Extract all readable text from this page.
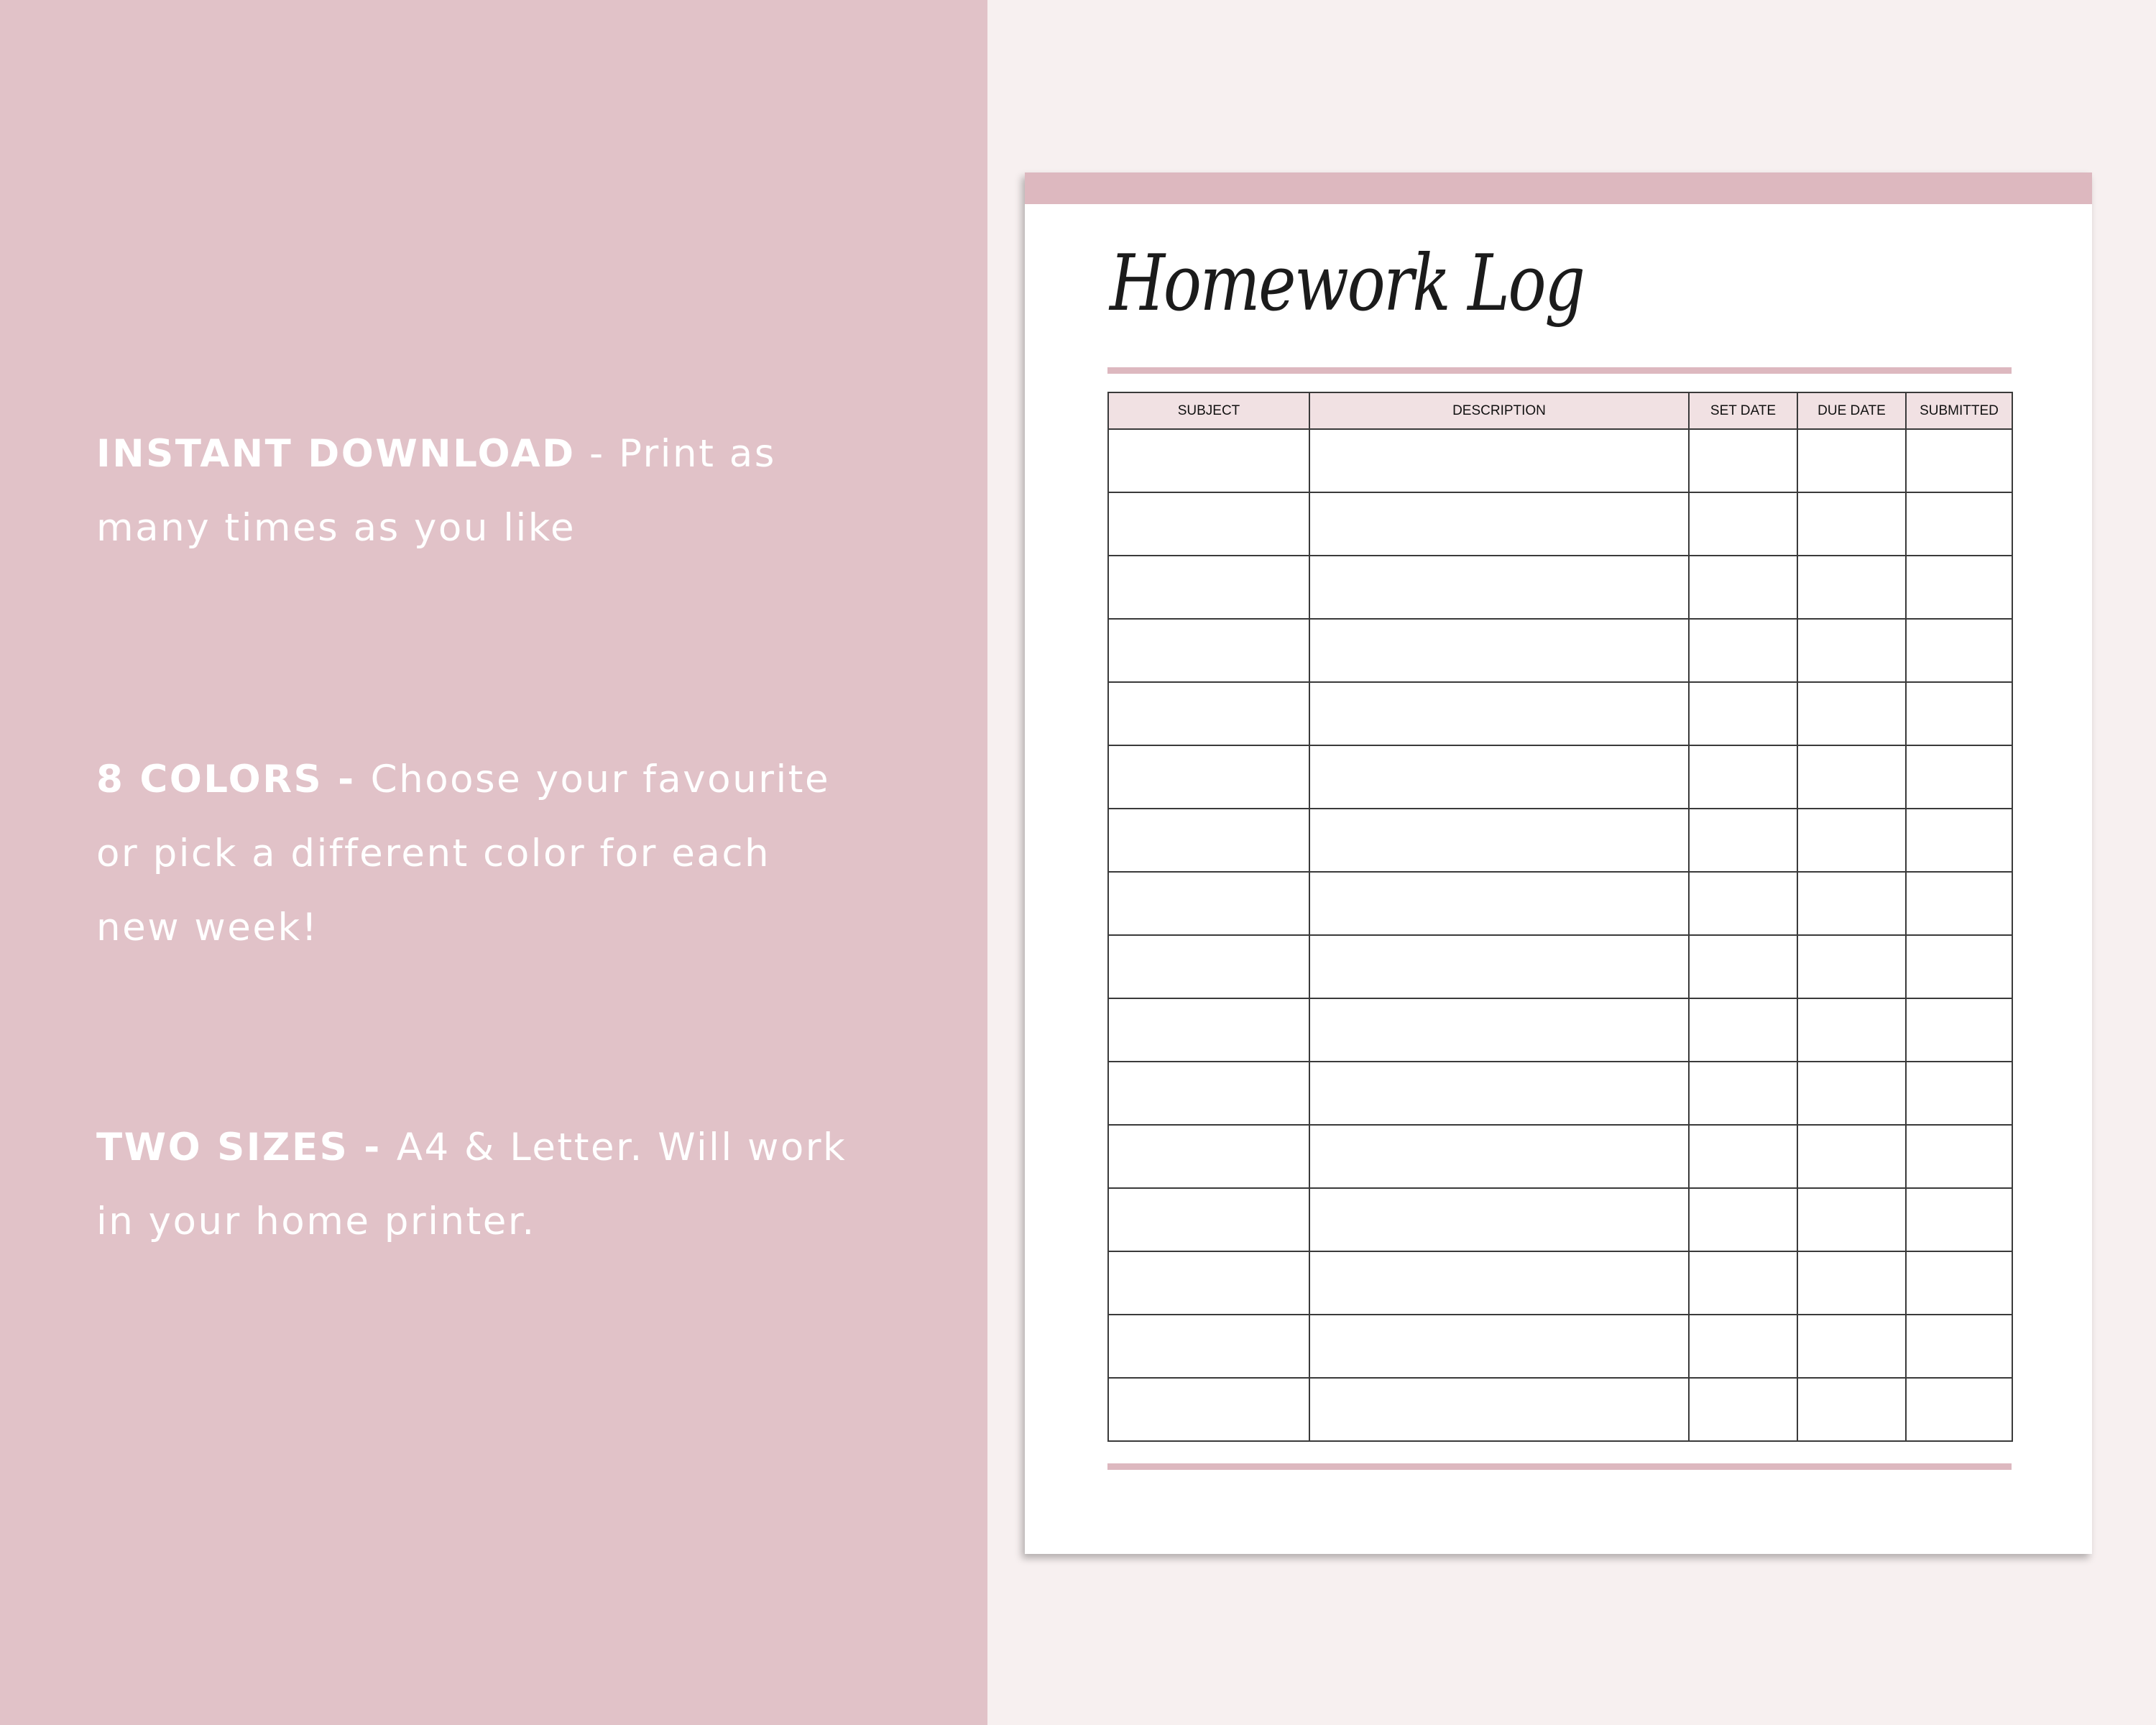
INSTANT DOWNLOAD - Print as many times as you like
8 COLORS - Choose your favourite or pick a different color for each new week!
TWO SIZES - A4 & Letter. Will work in your home printer.
Homework Log
SUBJECT	DESCRIPTION	SET DATE	DUE DATE	SUBMITTED
